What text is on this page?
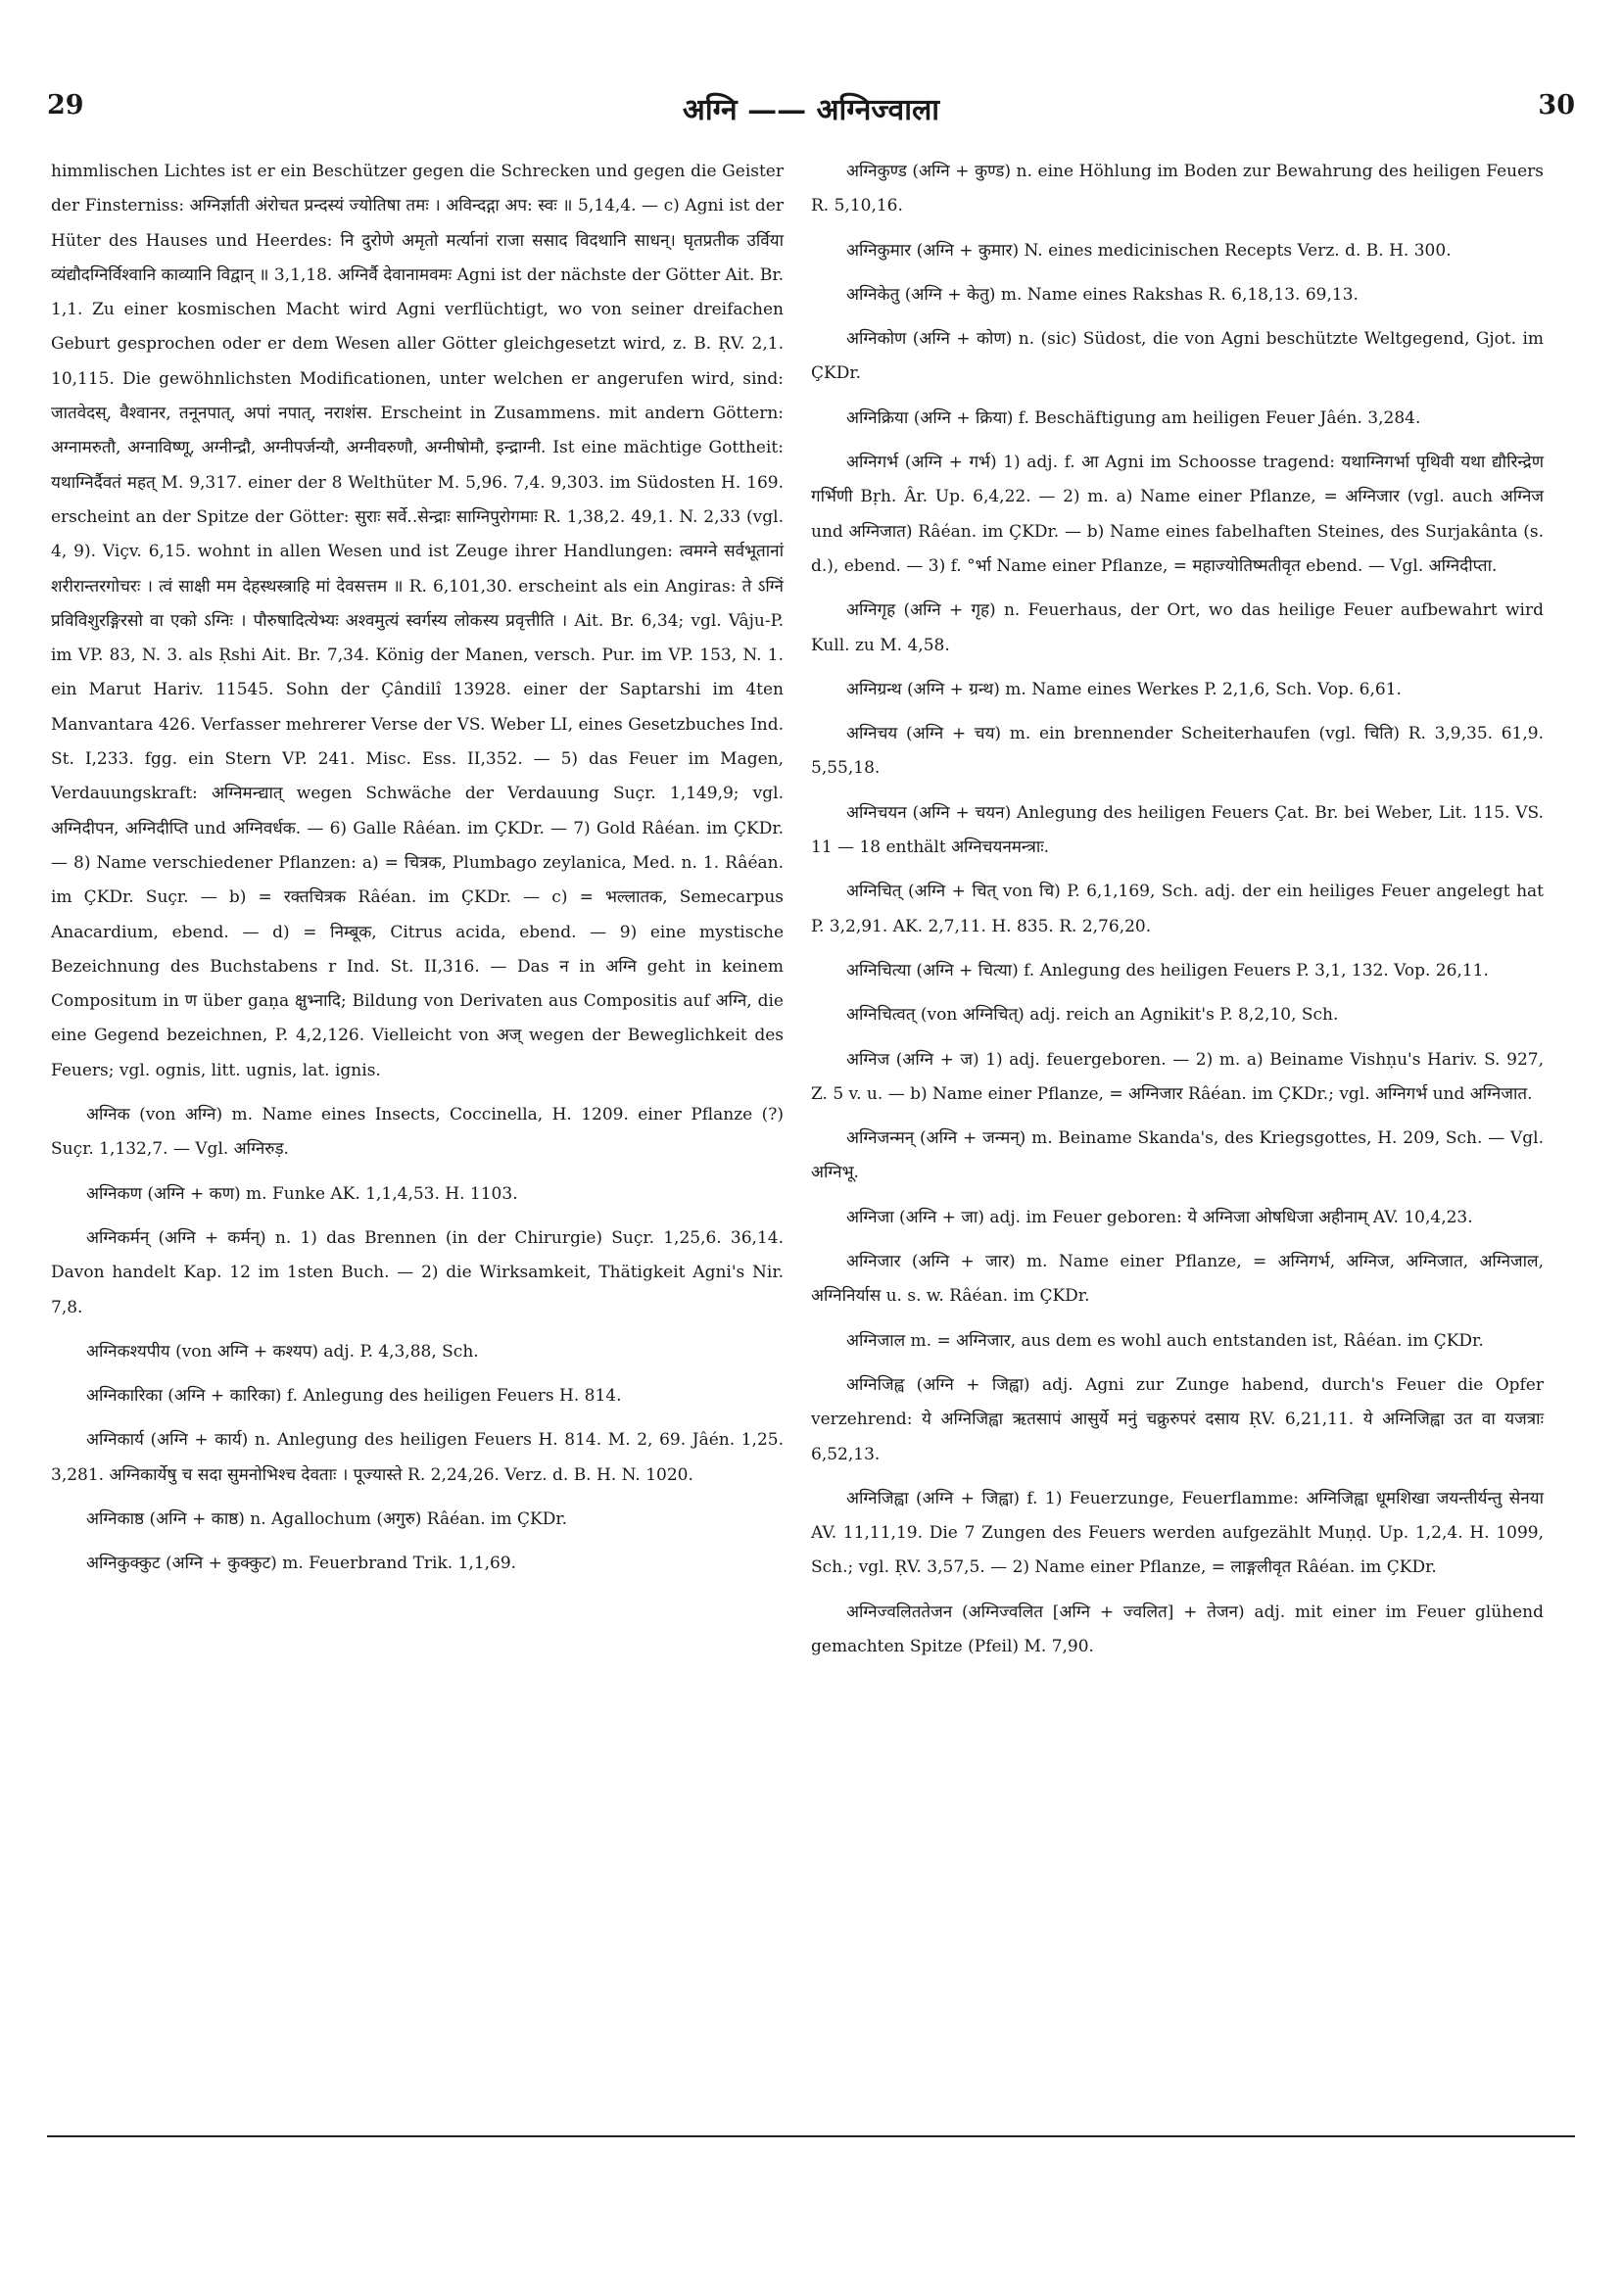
29	अग्नि —— अग्निज्वाला	30

himmlischen Lichtes ist er ein Beschützer gegen die Schrecken und gegen die Geister der Finsterniss: अग्निर्ज्ञाती अंरोचत प्रन्दस्यं ज्योतिषा तमः । अविन्दद्गा अप: स्वः ॥ 5,14,4. — c) Agni ist der Hüter des Hauses und Heerdes: नि दुरोणे अमृतो मर्त्यानां राजा ससाद विदथानि साधन्। घृतप्रतीक उर्विया व्यंद्यौदग्निर्विश्वानि काव्यानि विद्वान् ॥ 3,1,18. अग्निर्वै देवानामवमः Agni ist der nächste der Götter Ait. Br. 1,1. Zu einer kosmischen Macht wird Agni verflüchtigt, wo von seiner dreifachen Geburt gesprochen oder er dem Wesen aller Götter gleichgesetzt wird, z. B. ṚV. 2,1. 10,115. Die gewöhnlichsten Modificationen, unter welchen er angerufen wird, sind: जातवेदस्, वैश्वानर, तनूनपात्, अपां नपात्, नराशंस. Erscheint in Zusammens. mit andern Göttern: अग्नामरुतौ, अग्नाविष्णू, अग्नीन्द्रौ, अग्नीपर्जन्यौ, अग्नीवरुणौ, अग्नीषोमौ, इन्द्राग्नी. Ist eine mächtige Gottheit: यथाग्निर्दैवतं महत् M. 9,317. einer der 8 Welthüter M. 5,96. 7,4. 9,303. im Südosten H. 169. erscheint an der Spitze der Götter: सुराः सर्वे..सेन्द्राः साग्निपुरोगमाः R. 1,38,2. 49,1. N. 2,33 (vgl. 4, 9). Viçv. 6,15. wohnt in allen Wesen und ist Zeuge ihrer Handlungen: त्वमग्ने सर्वभूतानां शरीरान्तरगोचरः । त्वं साक्षी मम देहस्थस्त्राहि मां देवसत्तम ॥ R. 6,101,30. erscheint als ein Angiras: ते ऽग्निं प्रविविशुरङ्गिरसो वा एको ऽग्निः । पौरुषादित्येभ्यः अश्वमुत्यं स्वर्गस्य लोकस्य प्रवृत्तीति । Ait. Br. 6,34; vgl. Vâju-P. im VP. 83, N. 3. als Ṛshi Ait. Br. 7,34. König der Manen, versch. Pur. im VP. 153, N. 1. ein Marut Hariv. 11545. Sohn der Çândilî 13928. einer der Saptarshi im 4ten Manvantara 426. Verfasser mehrerer Verse der VS. Weber LI, eines Gesetzbuches Ind. St. I,233. fgg. ein Stern VP. 241. Misc. Ess. II,352. — 5) das Feuer im Magen, Verdauungskraft: अग्निमन्द्यात् wegen Schwäche der Verdauung Suçr. 1,149,9; vgl. अग्निदीपन, अग्निदीप्ति und अग्निवर्धक. — 6) Galle Râéan. im ÇKDr. — 7) Gold Râéan. im ÇKDr. — 8) Name verschiedener Pflanzen: a) = चित्रक, Plumbago zeylanica, Med. n. 1. Râéan. im ÇKDr. Suçr. — b) = रक्तचित्रक Râéan. im ÇKDr. — c) = भल्लातक, Semecarpus Anacardium, ebend. — d) = निम्बूक, Citrus acida, ebend. — 9) eine mystische Bezeichnung des Buchstabens r Ind. St. II,316. — Das न in अग्नि geht in keinem Compositum in ण über gaṇa क्षुभ्नादि; Bildung von Derivaten aus Compositis auf अग्नि, die eine Gegend bezeichnen, P. 4,2,126. Vielleicht von अज् wegen der Beweglichkeit des Feuers; vgl. ognis, litt. ugnis, lat. ignis.

अग्निक (von अग्नि) m. Name eines Insects, Coccinella, H. 1209. einer Pflanze (?) Suçr. 1,132,7. — Vgl. अग्निरुड़.

अग्निकण (अग्नि + कण) m. Funke AK. 1,1,4,53. H. 1103.

अग्निकर्मन् (अग्नि + कर्मन्) n. 1) das Brennen (in der Chirurgie) Suçr. 1,25,6. 36,14. Davon handelt Kap. 12 im 1sten Buch. — 2) die Wirksamkeit, Thätigkeit Agni's Nir. 7,8.

अग्निकश्यपीय (von अग्नि + कश्यप) adj. P. 4,3,88, Sch.

अग्निकारिका (अग्नि + कारिका) f. Anlegung des heiligen Feuers H. 814.

अग्निकार्य (अग्नि + कार्य) n. Anlegung des heiligen Feuers H. 814. M. 2, 69. Jâén. 1,25. 3,281. अग्निकार्येषु च सदा सुमनोभिश्च देवताः । पूज्यास्ते R. 2,24,26. Verz. d. B. H. N. 1020.

अग्निकाष्ठ (अग्नि + काष्ठ) n. Agallochum (अगुरु) Râéan. im ÇKDr.

अग्निकुक्कुट (अग्नि + कुक्कुट) m. Feuerbrand Trik. 1,1,69.

अग्निकुण्ड (अग्नि + कुण्ड) n. eine Höhlung im Boden zur Bewahrung des heiligen Feuers R. 5,10,16.

अग्निकुमार (अग्नि + कुमार) N. eines medicinischen Recepts Verz. d. B. H. 300.

अग्निकेतु (अग्नि + केतु) m. Name eines Rakshas R. 6,18,13. 69,13.

अग्निकोण (अग्नि + कोण) n. (sic) Südost, die von Agni beschützte Weltgegend, Gjot. im ÇKDr.

अग्निक्रिया (अग्नि + क्रिया) f. Beschäftigung am heiligen Feuer Jâén. 3,284.

अग्निगर्भ (अग्नि + गर्भ) 1) adj. f. आ Agni im Schoosse tragend: यथाग्निगर्भा पृथिवी यथा द्यौरिन्द्रेण गर्भिणी Bṛh. Âr. Up. 6,4,22. — 2) m. a) Name einer Pflanze, = अग्निजार (vgl. auch अग्निज und अग्निजात) Râéan. im ÇKDr. — b) Name eines fabelhaften Steines, des Surjakânta (s. d.), ebend. — 3) f. °र्भा Name einer Pflanze, = महाज्योतिष्मतीवृत ebend. — Vgl. अग्निदीप्ता.

अग्निगृह (अग्नि + गृह) n. Feuerhaus, der Ort, wo das heilige Feuer aufbewahrt wird Kull. zu M. 4,58.

अग्निग्रन्थ (अग्नि + ग्रन्थ) m. Name eines Werkes P. 2,1,6, Sch. Vop. 6,61.

अग्निचय (अग्नि + चय) m. ein brennender Scheiterhaufen (vgl. चिति) R. 3,9,35. 61,9. 5,55,18.

अग्निचयन (अग्नि + चयन) Anlegung des heiligen Feuers Çat. Br. bei Weber, Lit. 115. VS. 11 — 18 enthält अग्निचयनमन्त्राः.

अग्निचित् (अग्नि + चित् von चि) P. 6,1,169, Sch. adj. der ein heiliges Feuer angelegt hat P. 3,2,91. AK. 2,7,11. H. 835. R. 2,76,20.

अग्निचित्या (अग्नि + चित्या) f. Anlegung des heiligen Feuers P. 3,1, 132. Vop. 26,11.

अग्निचित्वत् (von अग्निचित्) adj. reich an Agnikit's P. 8,2,10, Sch.

अग्निज (अग्नि + ज) 1) adj. feuergeboren. — 2) m. a) Beiname Vishṇu's Hariv. S. 927, Z. 5 v. u. — b) Name einer Pflanze, = अग्निजार Râéan. im ÇKDr.; vgl. अग्निगर्भ und अग्निजात.

अग्निजन्मन् (अग्नि + जन्मन्) m. Beiname Skanda's, des Kriegsgottes, H. 209, Sch. — Vgl. अग्निभू.

अग्निजा (अग्नि + जा) adj. im Feuer geboren: ये अग्निजा ओषधिजा अहीनाम् AV. 10,4,23.

अग्निजार (अग्नि + जार) m. Name einer Pflanze, = अग्निगर्भ, अग्निज, अग्निजात, अग्निजाल, अग्निनिर्यास u. s. w. Râéan. im ÇKDr.

अग्निजाल m. = अग्निजार, aus dem es wohl auch entstanden ist, Râéan. im ÇKDr.

अग्निजिह्व (अग्नि + जिह्वा) adj. Agni zur Zunge habend, durch's Feuer die Opfer verzehrend: ये अग्निजिह्वा ऋतसापं आसुर्ये मनुं चक्रुरुपरं दसाय ṚV. 6,21,11. ये अग्निजिह्वा उत वा यजत्राः 6,52,13.

अग्निजिह्वा (अग्नि + जिह्वा) f. 1) Feuerzunge, Feuerflamme: अग्निजिह्वा धूमशिखा जयन्तीर्यन्तु सेनया AV. 11,11,19. Die 7 Zungen des Feuers werden aufgezählt Muṇḍ. Up. 1,2,4. H. 1099, Sch.; vgl. ṚV. 3,57,5. — 2) Name einer Pflanze, = लाङ्गलीवृत Râéan. im ÇKDr.

अग्निज्वलिततेजन (अग्निज्वलित [अग्नि + ज्वलित] + तेजन) adj. mit einer im Feuer glühend gemachten Spitze (Pfeil) M. 7,90.
